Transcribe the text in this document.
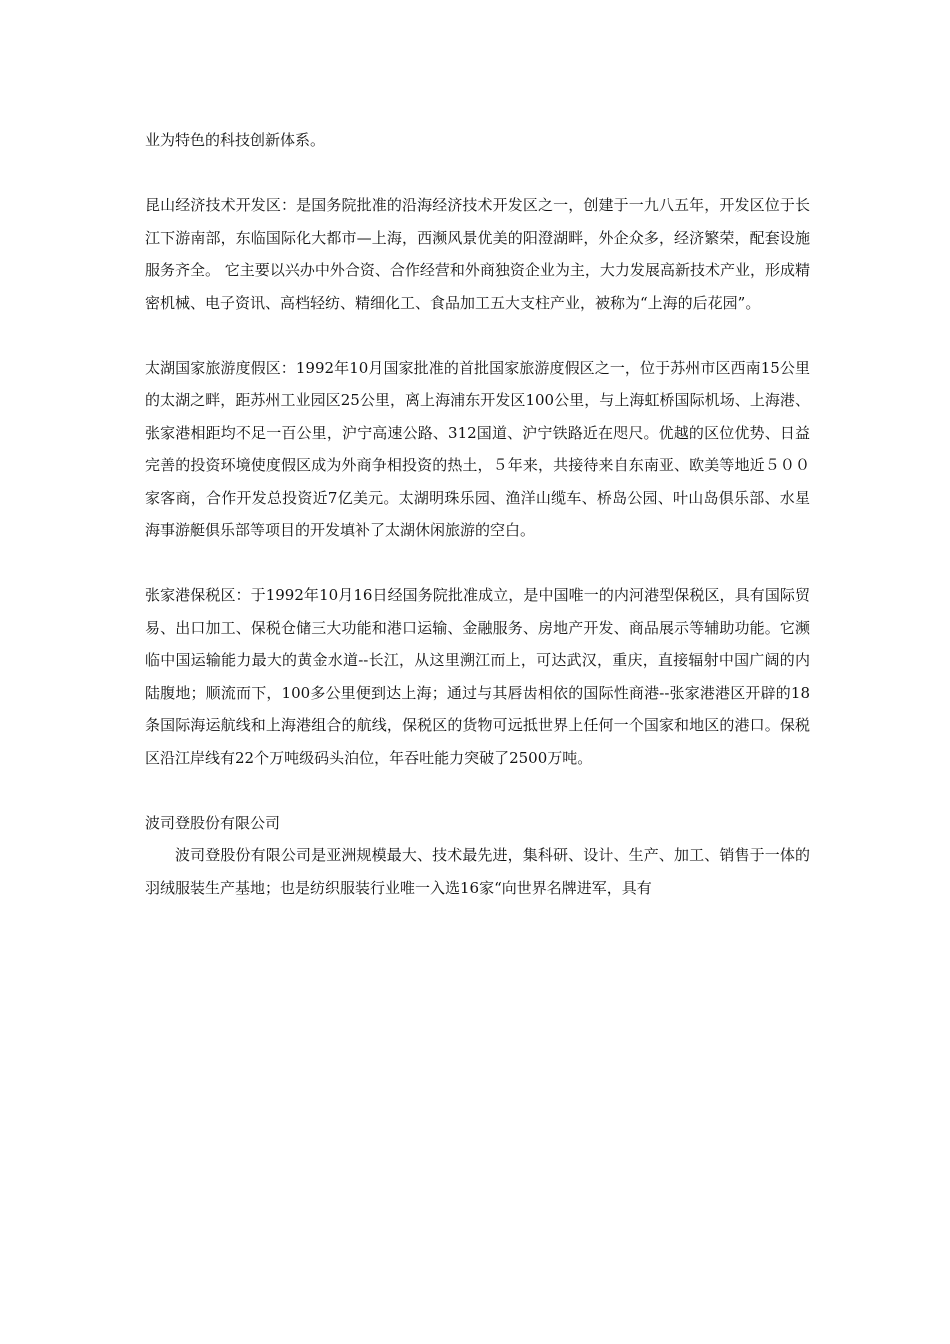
业为特色的科技创新体系。

昆山经济技术开发区：是国务院批准的沿海经济技术开发区之一，创建于一九八五年，开发区位于长江下游南部，东临国际化大都市—上海，西濒风景优美的阳澄湖畔，外企众多，经济繁荣，配套设施服务齐全。 它主要以兴办中外合资、合作经营和外商独资企业为主，大力发展高新技术产业，形成精密机械、电子资讯、高档轻纺、精细化工、食品加工五大支柱产业，被称为“上海的后花园”。

太湖国家旅游度假区：1992年10月国家批准的首批国家旅游度假区之一，位于苏州市区西南15公里的太湖之畔，距苏州工业园区25公里，离上海浦东开发区100公里，与上海虹桥国际机场、上海港、张家港相距均不足一百公里，沪宁高速公路、312国道、沪宁铁路近在咫尺。优越的区位优势、日益完善的投资环境使度假区成为外商争相投资的热土，５年来，共接待来自东南亚、欧美等地近５００家客商，合作开发总投资近7亿美元。太湖明珠乐园、渔洋山缆车、桥岛公园、叶山岛俱乐部、水星海事游艇俱乐部等项目的开发填补了太湖休闲旅游的空白。

张家港保税区：于1992年10月16日经国务院批准成立，是中国唯一的内河港型保税区，具有国际贸易、出口加工、保税仓储三大功能和港口运输、金融服务、房地产开发、商品展示等辅助功能。它濒临中国运输能力最大的黄金水道--长江，从这里溯江而上，可达武汉，重庆，直接辐射中国广阔的内陆腹地；顺流而下，100多公里便到达上海；通过与其唇齿相依的国际性商港--张家港港区开辟的18条国际海运航线和上海港组合的航线，保税区的货物可远抵世界上任何一个国家和地区的港口。保税区沿江岸线有22个万吨级码头泊位，年吞吐能力突破了2500万吨。

波司登股份有限公司

波司登股份有限公司是亚洲规模最大、技术最先进，集科研、设计、生产、加工、销售于一体的羽绒服装生产基地；也是纺织服装行业唯一入选16家“向世界名牌进军，具有
